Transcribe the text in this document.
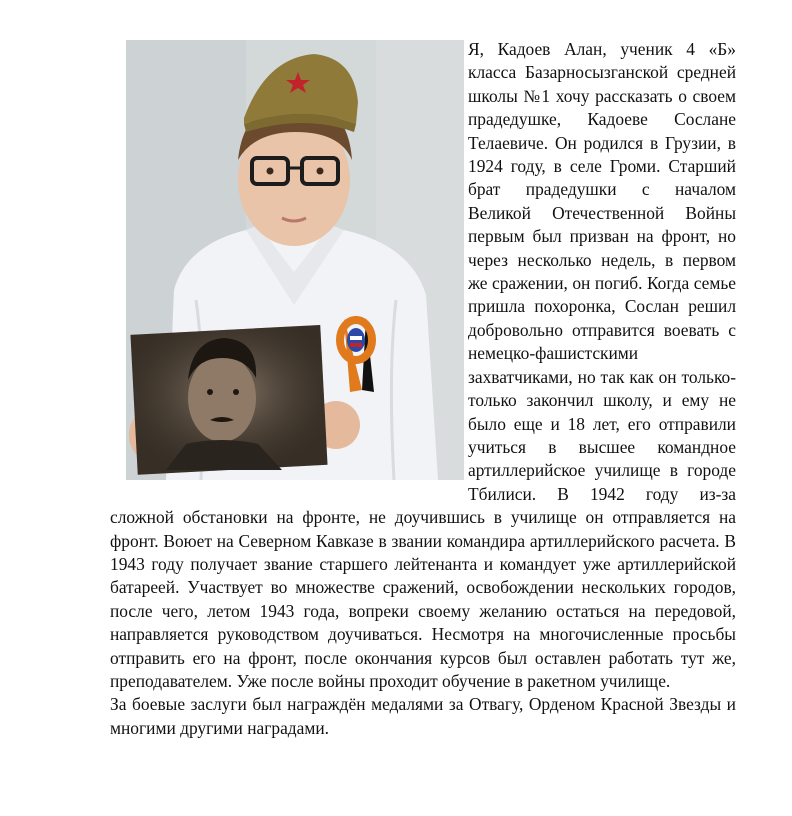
Я, Кадоев Алан, ученик 4 «Б» класса Базарносызганской средней школы №1 хочу рассказать о своем прадедушке, Кадоеве Сослане Телаевиче. Он родился в Грузии, в 1924 году, в селе Громи. Старший брат прадедушки с началом Великой Отечественной Войны первым был призван на фронт, но через несколько недель, в первом же сражении, он погиб. Когда семье пришла похоронка, Сослан решил добровольно отправится воевать с немецко-фашистскими захватчиками, но так как он только-только закончил школу, и ему не было еще и 18 лет, его отправили учиться в высшее командное артиллерийское училище в городе Тбилиси. В 1942 году из-за сложной обстановки на фронте, не доучившись в училище он отправляется на фронт. Воюет на Северном Кавказе в звании командира артиллерийского расчета. В 1943 году получает звание старшего лейтенанта и командует уже артиллерийской батареей. Участвует во множестве сражений, освобождении нескольких городов, после чего, летом 1943 года, вопреки своему желанию остаться на передовой, направляется руководством доучиваться. Несмотря на многочисленные просьбы отправить его на фронт, после окончания курсов был оставлен работать тут же, преподавателем. Уже после войны проходит обучение в ракетном училище.

За боевые заслуги был награждён медалями за Отвагу, Орденом Красной Звезды и многими другими наградами.
